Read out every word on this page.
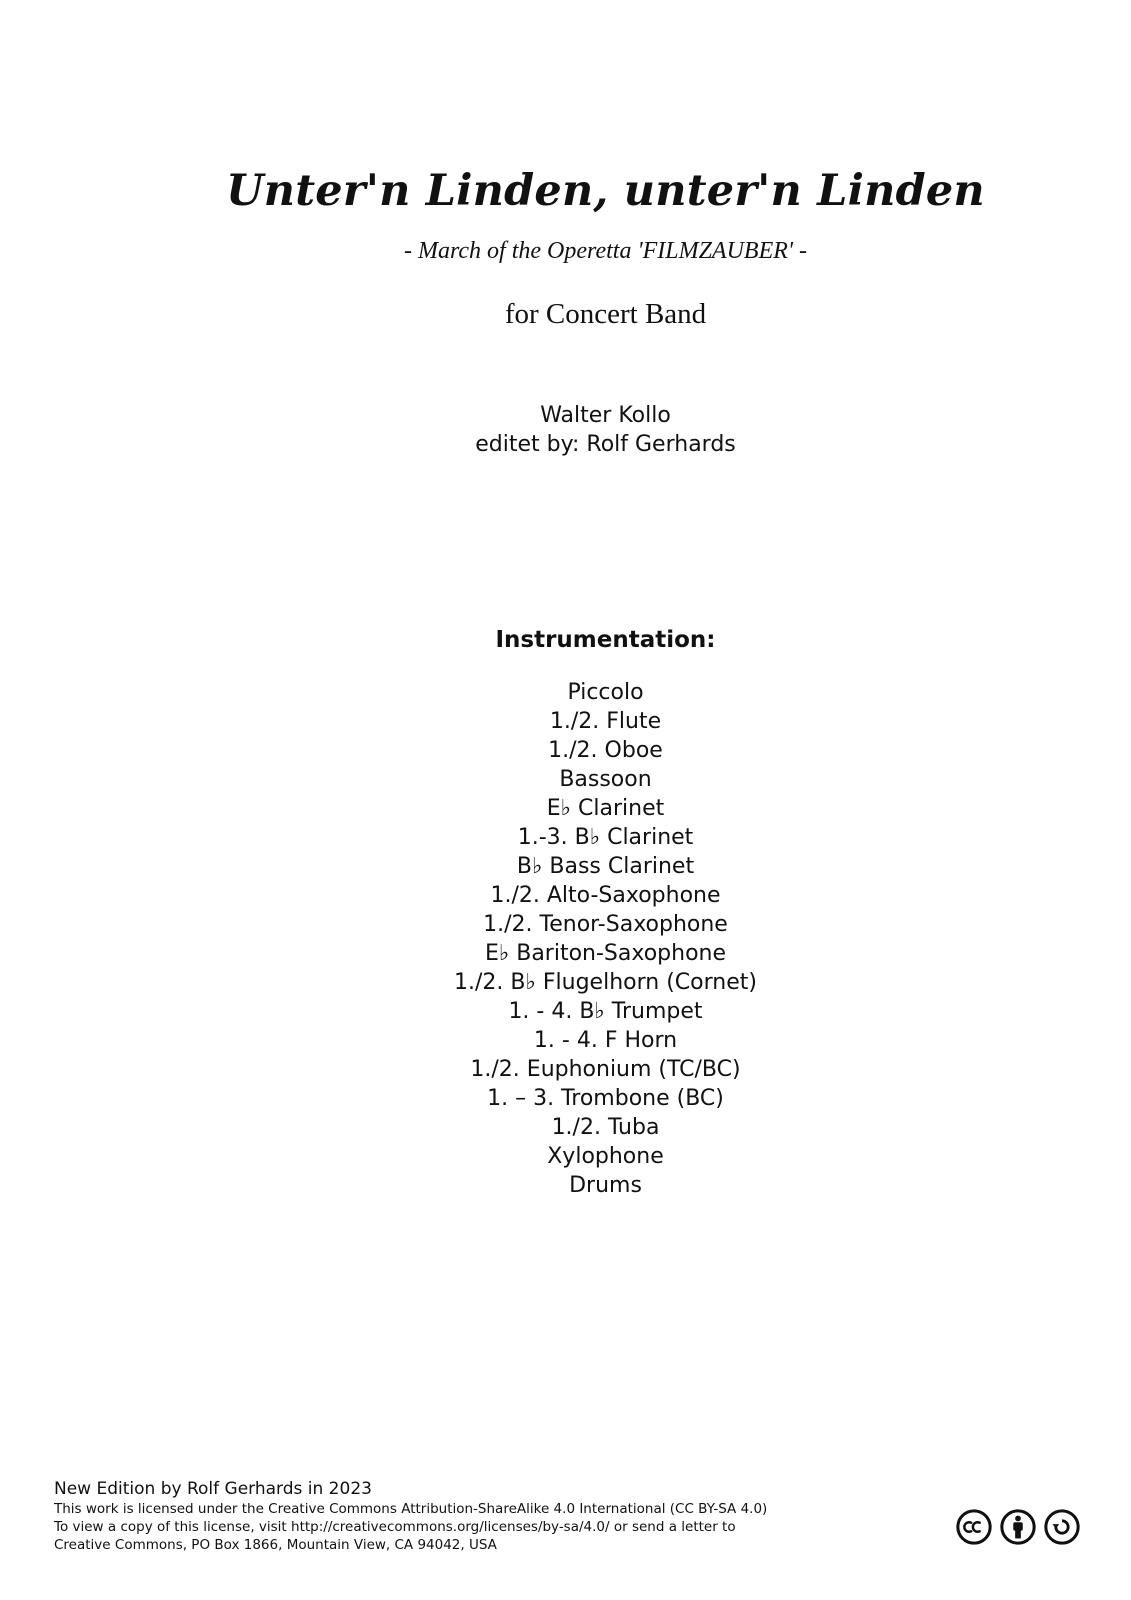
Unter'n Linden, unter'n Linden
- March of the Operetta 'FILMZAUBER' -
for Concert Band
Walter Kollo
editet by: Rolf Gerhards
Instrumentation:
Piccolo
1./2. Flute
1./2. Oboe
Bassoon
E♭ Clarinet
1.-3. B♭ Clarinet
B♭ Bass Clarinet
1./2. Alto-Saxophone
1./2. Tenor-Saxophone
E♭ Bariton-Saxophone
1./2. B♭ Flugelhorn (Cornet)
1. - 4. B♭ Trumpet
1. - 4. F Horn
1./2. Euphonium (TC/BC)
1. – 3. Trombone (BC)
1./2. Tuba
Xylophone
Drums
New Edition by Rolf Gerhards in 2023
This work is licensed under the Creative Commons Attribution-ShareAlike 4.0 International (CC BY-SA 4.0)
To view a copy of this license, visit http://creativecommons.org/licenses/by-sa/4.0/ or send a letter to
Creative Commons, PO Box 1866, Mountain View, CA 94042, USA
